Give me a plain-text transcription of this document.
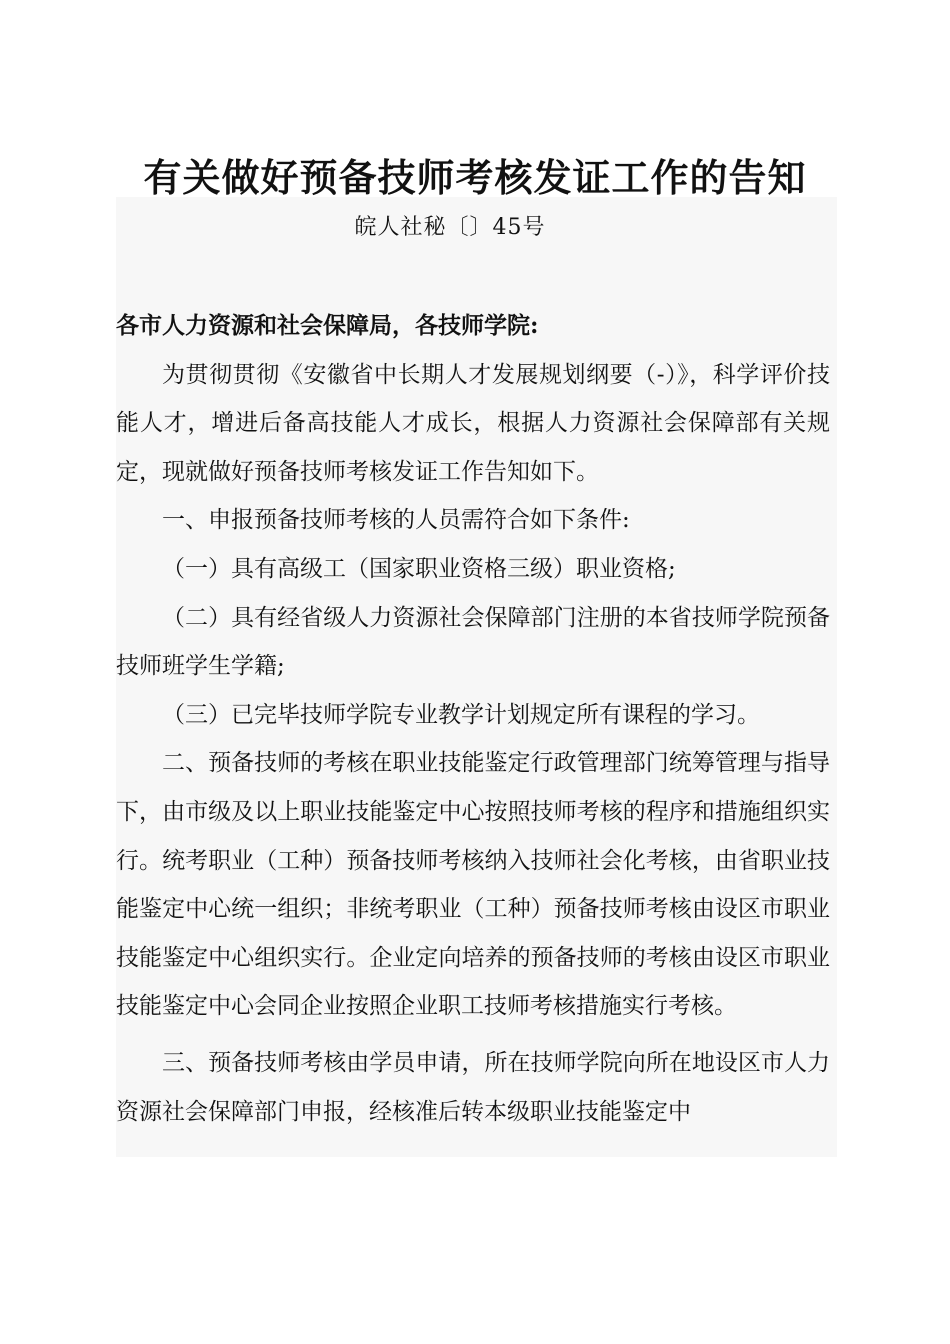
有关做好预备技师考核发证工作的告知
皖人社秘〔〕45号

各市人力资源和社会保障局，各技师学院:

为贯彻贯彻《安徽省中长期人才发展规划纲要（-）》，科学评价技能人才，增进后备高技能人才成长，根据人力资源社会保障部有关规定，现就做好预备技师考核发证工作告知如下。

一、申报预备技师考核的人员需符合如下条件:

（一）具有高级工（国家职业资格三级）职业资格;

（二）具有经省级人力资源社会保障部门注册的本省技师学院预备技师班学生学籍;

（三）已完毕技师学院专业教学计划规定所有课程的学习。

二、预备技师的考核在职业技能鉴定行政管理部门统筹管理与指导下，由市级及以上职业技能鉴定中心按照技师考核的程序和措施组织实行。统考职业（工种）预备技师考核纳入技师社会化考核，由省职业技能鉴定中心统一组织；非统考职业（工种）预备技师考核由设区市职业技能鉴定中心组织实行。企业定向培养的预备技师的考核由设区市职业技能鉴定中心会同企业按照企业职工技师考核措施实行考核。

三、预备技师考核由学员申请，所在技师学院向所在地设区市人力资源社会保障部门申报，经核准后转本级职业技能鉴定中
